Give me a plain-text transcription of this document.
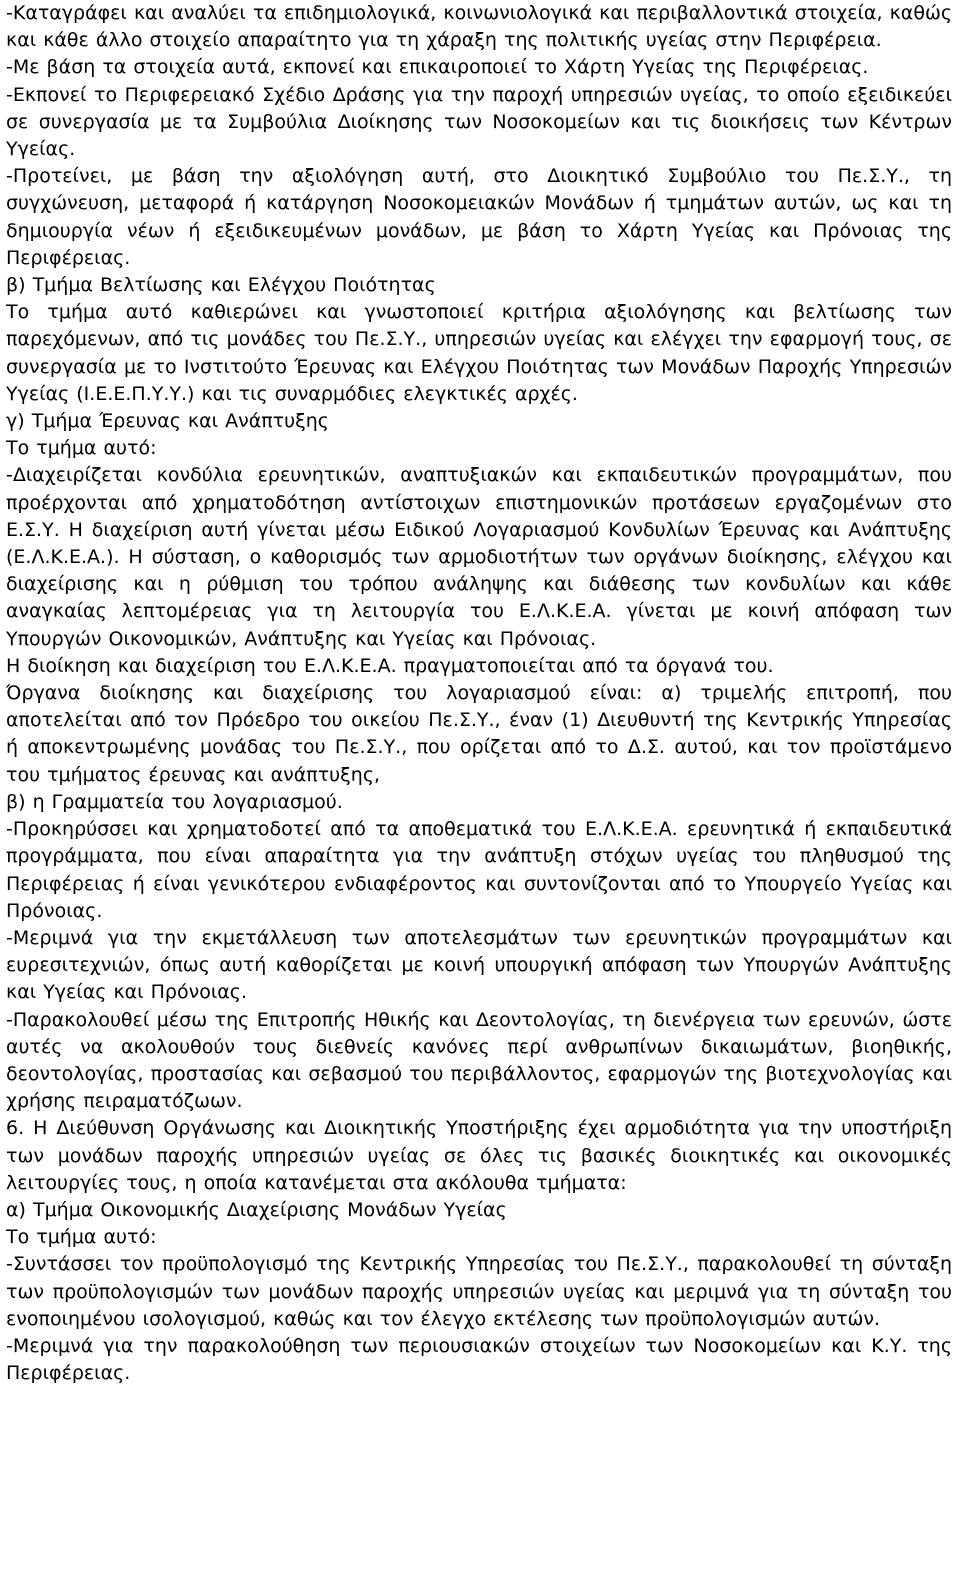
-Καταγράφει και αναλύει τα επιδημιολογικά, κοινωνιολογικά και περιβαλλοντικά στοιχεία, καθώς και κάθε άλλο στοιχείο απαραίτητο για τη χάραξη της πολιτικής υγείας στην Περιφέρεια.

-Με βάση τα στοιχεία αυτά, εκπονεί και επικαιροποιεί το Χάρτη Υγείας της Περιφέρειας.

-Εκπονεί το Περιφερειακό Σχέδιο Δράσης για την παροχή υπηρεσιών υγείας, το οποίο εξειδικεύει σε συνεργασία με τα Συμβούλια Διοίκησης των Νοσοκομείων και τις διοικήσεις των Κέντρων Υγείας.

-Προτείνει, με βάση την αξιολόγηση αυτή, στο Διοικητικό Συμβούλιο του Πε.Σ.Υ., τη συγχώνευση, μεταφορά ή κατάργηση Νοσοκομειακών Μονάδων ή τμημάτων αυτών, ως και τη δημιουργία νέων ή εξειδικευμένων μονάδων, με βάση το Χάρτη Υγείας και Πρόνοιας της Περιφέρειας.

β) Τμήμα Βελτίωσης και Ελέγχου Ποιότητας

Το τμήμα αυτό καθιερώνει και γνωστοποιεί κριτήρια αξιολόγησης και βελτίωσης των παρεχόμενων, από τις μονάδες του Πε.Σ.Υ., υπηρεσιών υγείας και ελέγχει την εφαρμογή τους, σε συνεργασία με το Ινστιτούτο Έρευνας και Ελέγχου Ποιότητας των Μονάδων Παροχής Υπηρεσιών Υγείας (Ι.Ε.Ε.Π.Υ.Υ.) και τις συναρμόδιες ελεγκτικές αρχές.

γ) Τμήμα Έρευνας και Ανάπτυξης

Το τμήμα αυτό:

-Διαχειρίζεται κονδύλια ερευνητικών, αναπτυξιακών και εκπαιδευτικών προγραμμάτων, που προέρχονται από χρηματοδότηση αντίστοιχων επιστημονικών προτάσεων εργαζομένων στο Ε.Σ.Υ. Η διαχείριση αυτή γίνεται μέσω Ειδικού Λογαριασμού Κονδυλίων Έρευνας και Ανάπτυξης (Ε.Λ.Κ.Ε.Α.). Η σύσταση, ο καθορισμός των αρμοδιοτήτων των οργάνων διοίκησης, ελέγχου και διαχείρισης και η ρύθμιση του τρόπου ανάληψης και διάθεσης των κονδυλίων και κάθε αναγκαίας λεπτομέρειας για τη λειτουργία του Ε.Λ.Κ.Ε.Α. γίνεται με κοινή απόφαση των Υπουργών Οικονομικών, Ανάπτυξης και Υγείας και Πρόνοιας.

Η διοίκηση και διαχείριση του Ε.Λ.Κ.Ε.Α. πραγματοποιείται από τα όργανά του.

Όργανα διοίκησης και διαχείρισης του λογαριασμού είναι: α) τριμελής επιτροπή, που αποτελείται από τον Πρόεδρο του οικείου Πε.Σ.Υ., έναν (1) Διευθυντή της Κεντρικής Υπηρεσίας ή αποκεντρωμένης μονάδας του Πε.Σ.Υ., που ορίζεται από το Δ.Σ. αυτού, και τον προϊστάμενο του τμήματος έρευνας και ανάπτυξης,

β) η Γραμματεία του λογαριασμού.

-Προκηρύσσει και χρηματοδοτεί από τα αποθεματικά του Ε.Λ.Κ.Ε.Α. ερευνητικά ή εκπαιδευτικά προγράμματα, που είναι απαραίτητα για την ανάπτυξη στόχων υγείας του πληθυσμού της Περιφέρειας ή είναι γενικότερου ενδιαφέροντος και συντονίζονται από το Υπουργείο Υγείας και Πρόνοιας.

-Μεριμνά για την εκμετάλλευση των αποτελεσμάτων των ερευνητικών προγραμμάτων και ευρεσιτεχνιών, όπως αυτή καθορίζεται με κοινή υπουργική απόφαση των Υπουργών Ανάπτυξης και Υγείας και Πρόνοιας.

-Παρακολουθεί μέσω της Επιτροπής Ηθικής και Δεοντολογίας, τη διενέργεια των ερευνών, ώστε αυτές να ακολουθούν τους διεθνείς κανόνες περί ανθρωπίνων δικαιωμάτων, βιοηθικής, δεοντολογίας, προστασίας και σεβασμού του περιβάλλοντος, εφαρμογών της βιοτεχνολογίας και χρήσης πειραματόζωων.

6. Η Διεύθυνση Οργάνωσης και Διοικητικής Υποστήριξης έχει αρμοδιότητα για την υποστήριξη των μονάδων παροχής υπηρεσιών υγείας σε όλες τις βασικές διοικητικές και οικονομικές λειτουργίες τους, η οποία κατανέμεται στα ακόλουθα τμήματα:

α) Τμήμα Οικονομικής Διαχείρισης Μονάδων Υγείας

Το τμήμα αυτό:

-Συντάσσει τον προϋπολογισμό της Κεντρικής Υπηρεσίας του Πε.Σ.Υ., παρακολουθεί τη σύνταξη των προϋπολογισμών των μονάδων παροχής υπηρεσιών υγείας και μεριμνά για τη σύνταξη του ενοποιημένου ισολογισμού, καθώς και τον έλεγχο εκτέλεσης των προϋπολογισμών αυτών.

-Μεριμνά για την παρακολούθηση των περιουσιακών στοιχείων των Νοσοκομείων και Κ.Υ. της Περιφέρειας.
